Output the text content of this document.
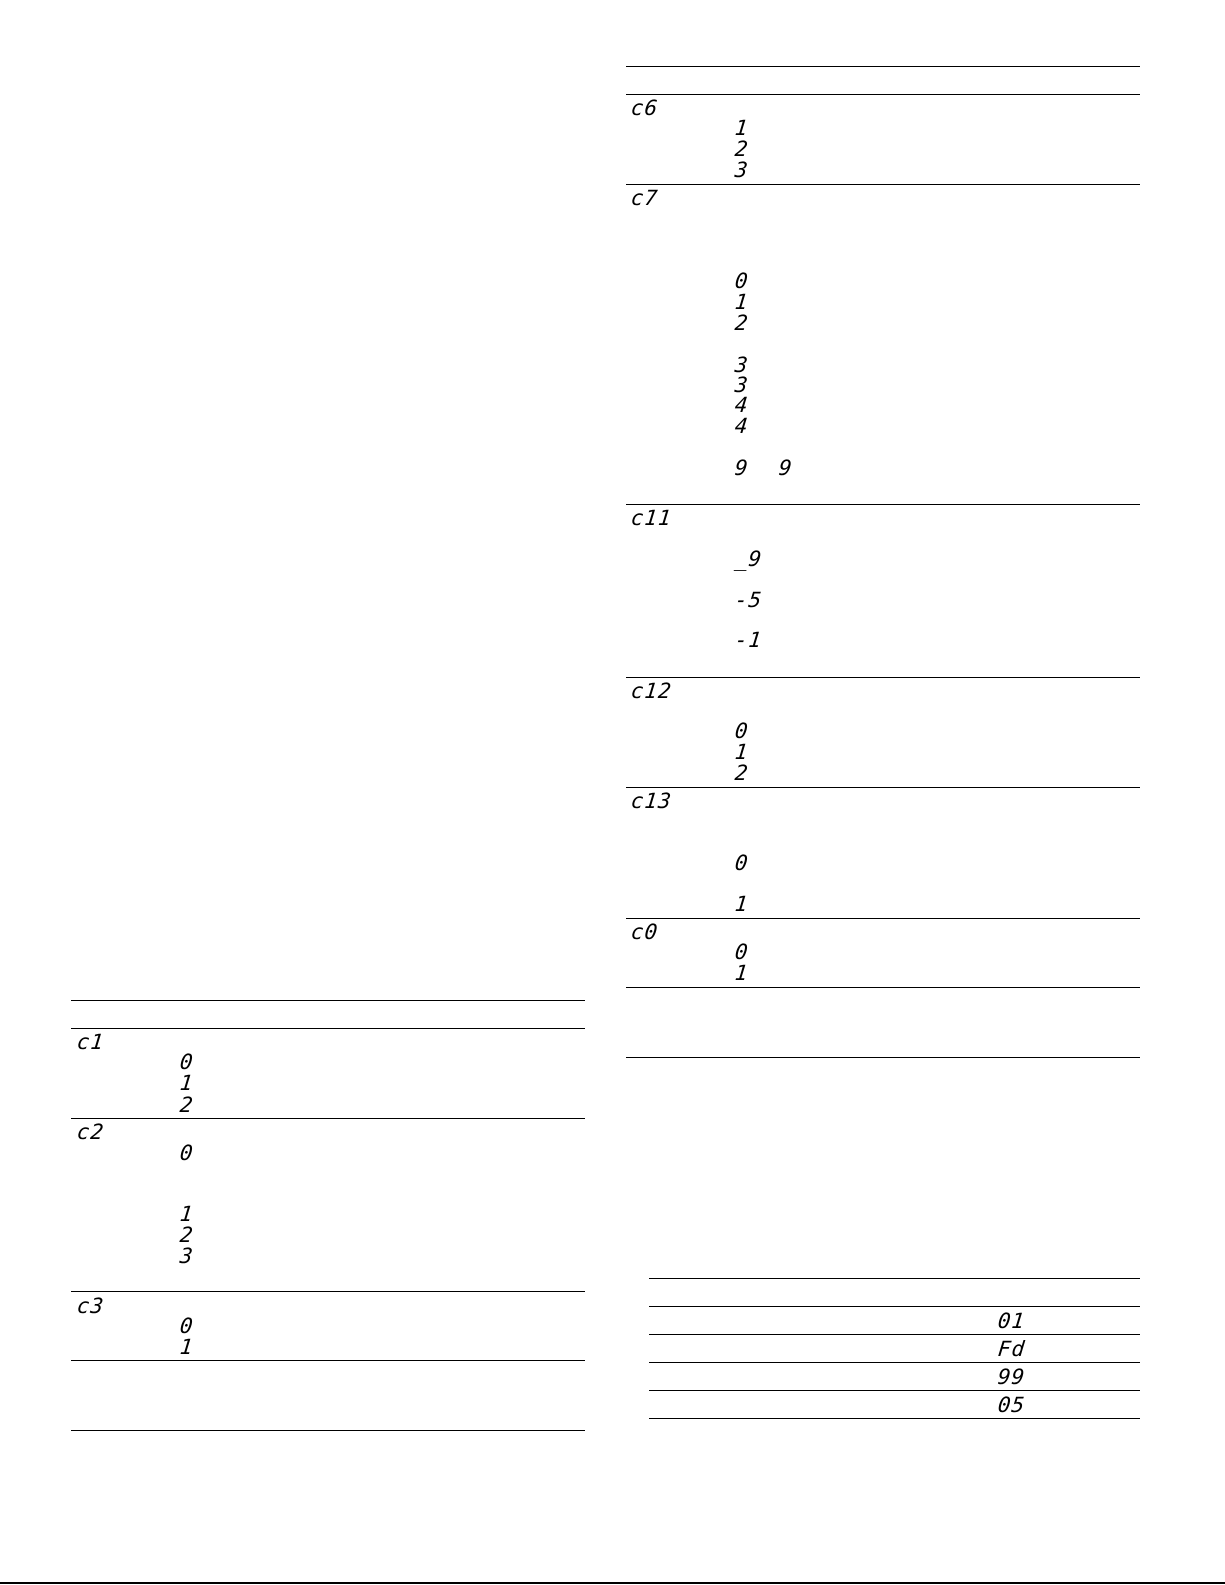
c1
0
1
2
c2
0
1
2
3
c3
0
1
c6
1
2
3
c7
0
1
2
3
3
4
4
9 9
c11
_9
-5
-1
c12
0
1
2
c13
0
1
c0
0
1
01
Fd
99
05
